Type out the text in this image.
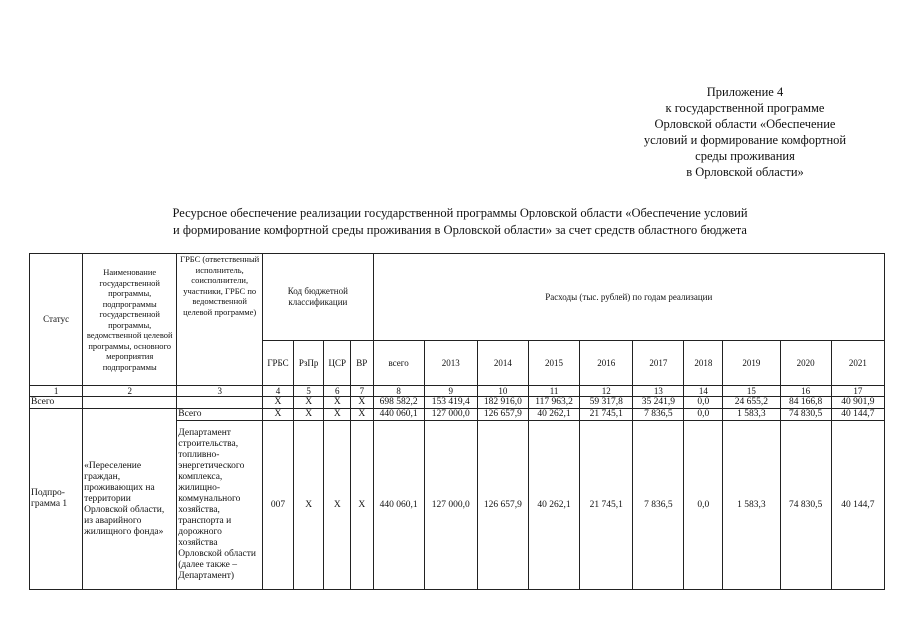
Приложение 4
к государственной программе
Орловской области «Обеспечение
условий и формирование комфортной
среды проживания
в Орловской области»
Ресурсное обеспечение реализации государственной программы Орловской области «Обеспечение условий
и формирование комфортной среды проживания в Орловской области» за счет средств областного бюджета
Статус	Наименование государственной программы, подпрограммы государственной программы, ведомственной целевой программы, основного мероприятия подпрограммы	ГРБС (ответственный исполнитель, соисполнители, участники, ГРБС по ведомственной целевой программе)	Код бюджетной классификации				Расходы (тыс. рублей) по годам реализации									
			ГРБС	РзПр	ЦСР	ВР	всего	2013	2014	2015	2016	2017	2018	2019	2020	2021
1	2	3	4	5	6	7	8	9	10	11	12	13	14	15	16	17
Всего			X	X	X	X	698 582,2	153 419,4	182 916,0	117 963,2	59 317,8	35 241,9	0,0	24 655,2	84 166,8	40 901,9
Подпро-грамма 1	«Переселение граждан, проживающих на территории Орловской области, из аварийного жилищного фонда»	Всего	X	X	X	X	440 060,1	127 000,0	126 657,9	40 262,1	21 745,1	7 836,5	0,0	1 583,3	74 830,5	40 144,7
		Департамент строительства, топливно-энергетического комплекса, жилищно-коммунального хозяйства, транспорта и дорожного хозяйства Орловской области (далее также – Департамент)	007	X	X	X	440 060,1	127 000,0	126 657,9	40 262,1	21 745,1	7 836,5	0,0	1 583,3	74 830,5	40 144,7
